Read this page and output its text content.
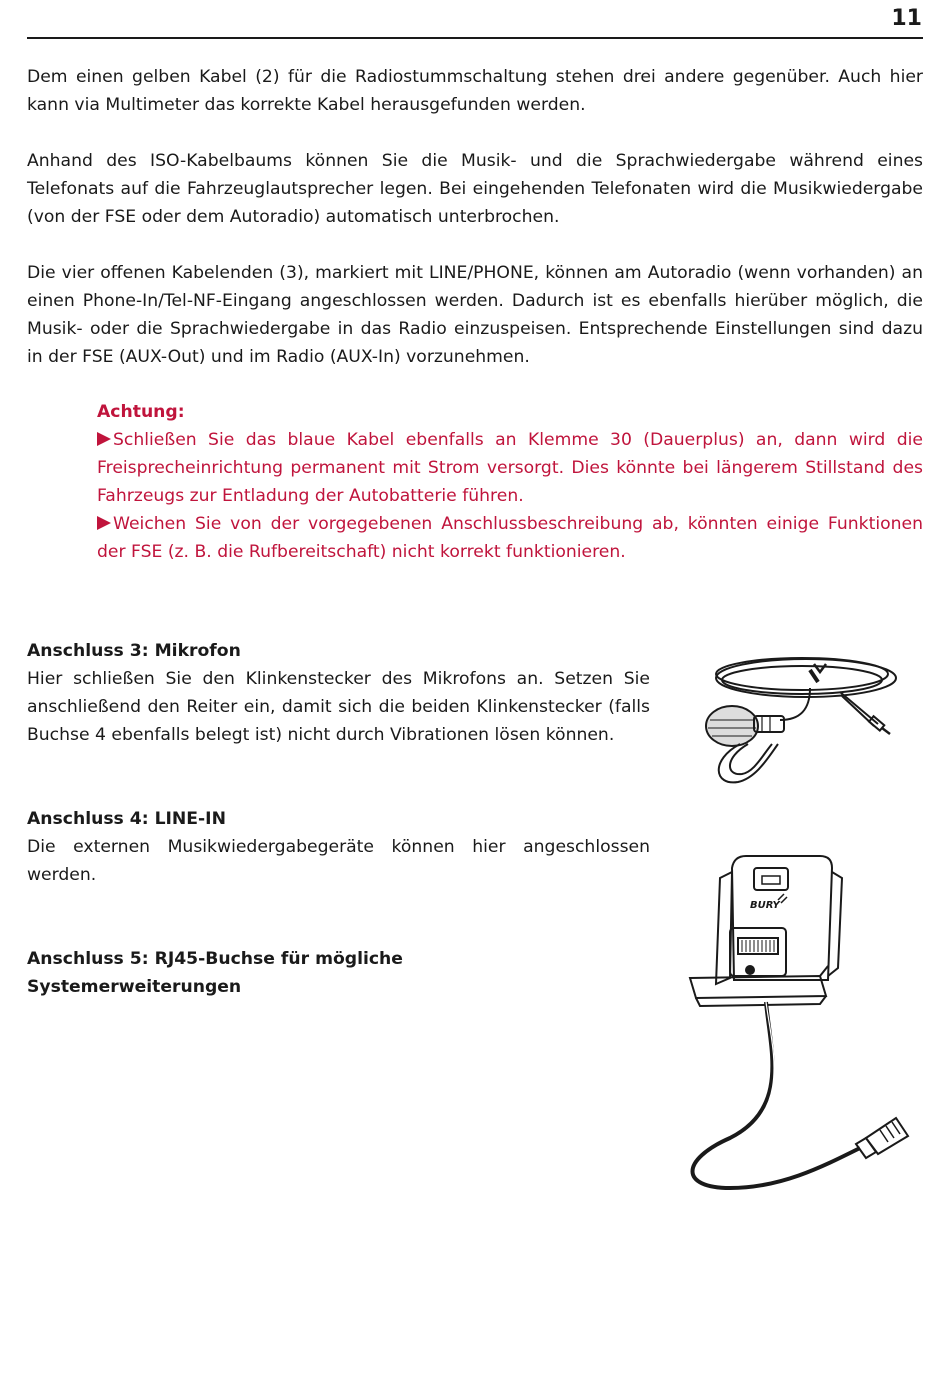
11

Dem einen gelben Kabel (2) für die Radiostummschaltung stehen drei andere gegenüber. Auch hier kann via Multimeter das korrekte Kabel herausgefunden werden.

Anhand des ISO-Kabelbaums können Sie die Musik- und die Sprachwiedergabe während eines Telefonats auf die Fahrzeuglautsprecher legen. Bei eingehenden Telefonaten wird die Musikwiedergabe (von der FSE oder dem Autoradio) automatisch unterbrochen.

Die vier offenen Kabelenden (3), markiert mit LINE/PHONE, können am Autoradio (wenn vorhanden) an einen Phone-In/Tel-NF-Eingang angeschlossen werden. Dadurch ist es ebenfalls hierüber möglich, die Musik- oder die Sprachwiedergabe in das Radio einzuspeisen. Entsprechende Einstellungen sind dazu in der FSE (AUX-Out) und im Radio (AUX-In) vorzunehmen.

Achtung:

Schließen Sie das blaue Kabel ebenfalls an Klemme 30 (Dauerplus) an, dann wird die Freisprecheinrichtung permanent mit Strom versorgt. Dies könnte bei längerem Stillstand des Fahrzeugs zur Entladung der Autobatterie führen.

Weichen Sie von der vorgegebenen Anschlussbeschreibung ab, könnten einige Funktionen der FSE (z. B. die Rufbereitschaft) nicht korrekt funktionieren.

Anschluss 3: Mikrofon

Hier schließen Sie den Klinkenstecker des Mikrofons an. Setzen Sie anschließend den Reiter ein, damit sich die beiden Klinkenstecker (falls Buchse 4 ebenfalls belegt ist) nicht durch Vibrationen lösen können.

Anschluss 4: LINE-IN

Die externen Musikwiedergabegeräte können hier angeschlossen werden.

Anschluss 5: RJ45-Buchse für mögliche Systemerweiterungen

BURY
